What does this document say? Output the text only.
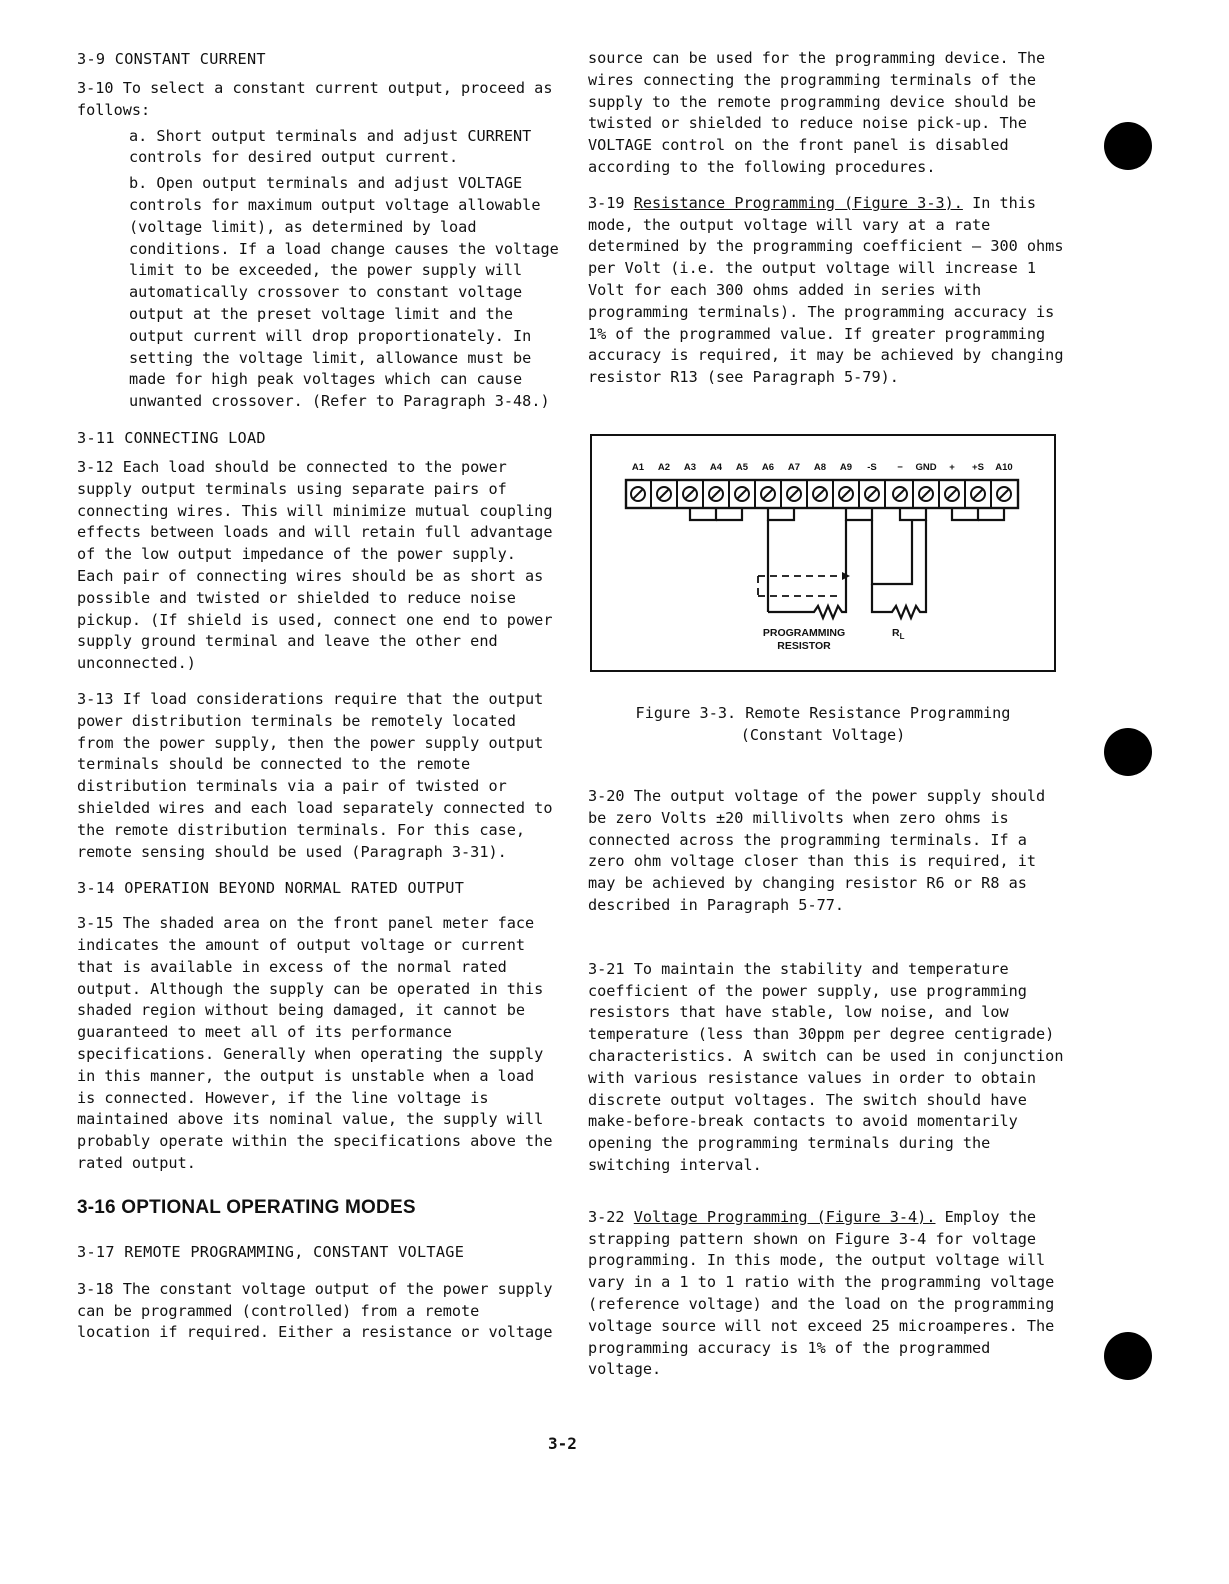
3-9 CONSTANT CURRENT
3-10 To select a constant current output, proceed as follows:
a. Short output terminals and adjust CURRENT controls for desired output current.
b. Open output terminals and adjust VOLTAGE controls for maximum output voltage allowable (voltage limit), as determined by load conditions. If a load change causes the voltage limit to be exceeded, the power supply will automatically crossover to constant voltage output at the preset voltage limit and the output current will drop proportionately. In setting the voltage limit, allowance must be made for high peak voltages which can cause unwanted crossover. (Refer to Paragraph 3-48.)
3-11 CONNECTING LOAD
3-12 Each load should be connected to the power supply output terminals using separate pairs of connecting wires. This will minimize mutual coupling effects between loads and will retain full advantage of the low output impedance of the power supply. Each pair of connecting wires should be as short as possible and twisted or shielded to reduce noise pickup. (If shield is used, connect one end to power supply ground terminal and leave the other end unconnected.)
3-13 If load considerations require that the output power distribution terminals be remotely located from the power supply, then the power supply output terminals should be connected to the remote distribution terminals via a pair of twisted or shielded wires and each load separately connected to the remote distribution terminals. For this case, remote sensing should be used (Paragraph 3-31).
3-14 OPERATION BEYOND NORMAL RATED OUTPUT
3-15 The shaded area on the front panel meter face indicates the amount of output voltage or current that is available in excess of the normal rated output. Although the supply can be operated in this shaded region without being damaged, it cannot be guaranteed to meet all of its performance specifications. Generally when operating the supply in this manner, the output is unstable when a load is connected. However, if the line voltage is maintained above its nominal value, the supply will probably operate within the specifications above the rated output.
3-16 OPTIONAL OPERATING MODES
3-17 REMOTE PROGRAMMING, CONSTANT VOLTAGE
3-18 The constant voltage output of the power supply can be programmed (controlled) from a remote location if required. Either a resistance or voltage
source can be used for the programming device. The wires connecting the programming terminals of the supply to the remote programming device should be twisted or shielded to reduce noise pick-up. The VOLTAGE control on the front panel is disabled according to the following procedures.
3-19 Resistance Programming (Figure 3-3). In this mode, the output voltage will vary at a rate determined by the programming coefficient — 300 ohms per Volt (i.e. the output voltage will increase 1 Volt for each 300 ohms added in series with programming terminals). The programming accuracy is 1% of the programmed value. If greater programming accuracy is required, it may be achieved by changing resistor R13 (see Paragraph 5-79).
A1 A2 A3 A4 A5 A6 A7 A8 A9 -S − GND + +S A10
PROGRAMMING
RESISTOR
$R_L$
Figure 3-3. Remote Resistance Programming
(Constant Voltage)
3-20 The output voltage of the power supply should be zero Volts ±20 millivolts when zero ohms is connected across the programming terminals. If a zero ohm voltage closer than this is required, it may be achieved by changing resistor R6 or R8 as described in Paragraph 5-77.
3-21 To maintain the stability and temperature coefficient of the power supply, use programming resistors that have stable, low noise, and low temperature (less than 30ppm per degree centigrade) characteristics. A switch can be used in conjunction with various resistance values in order to obtain discrete output voltages. The switch should have make-before-break contacts to avoid momentarily opening the programming terminals during the switching interval.
3-22 Voltage Programming (Figure 3-4). Employ the strapping pattern shown on Figure 3-4 for voltage programming. In this mode, the output voltage will vary in a 1 to 1 ratio with the programming voltage (reference voltage) and the load on the programming voltage source will not exceed 25 microamperes. The programming accuracy is 1% of the programmed voltage.
3-2
